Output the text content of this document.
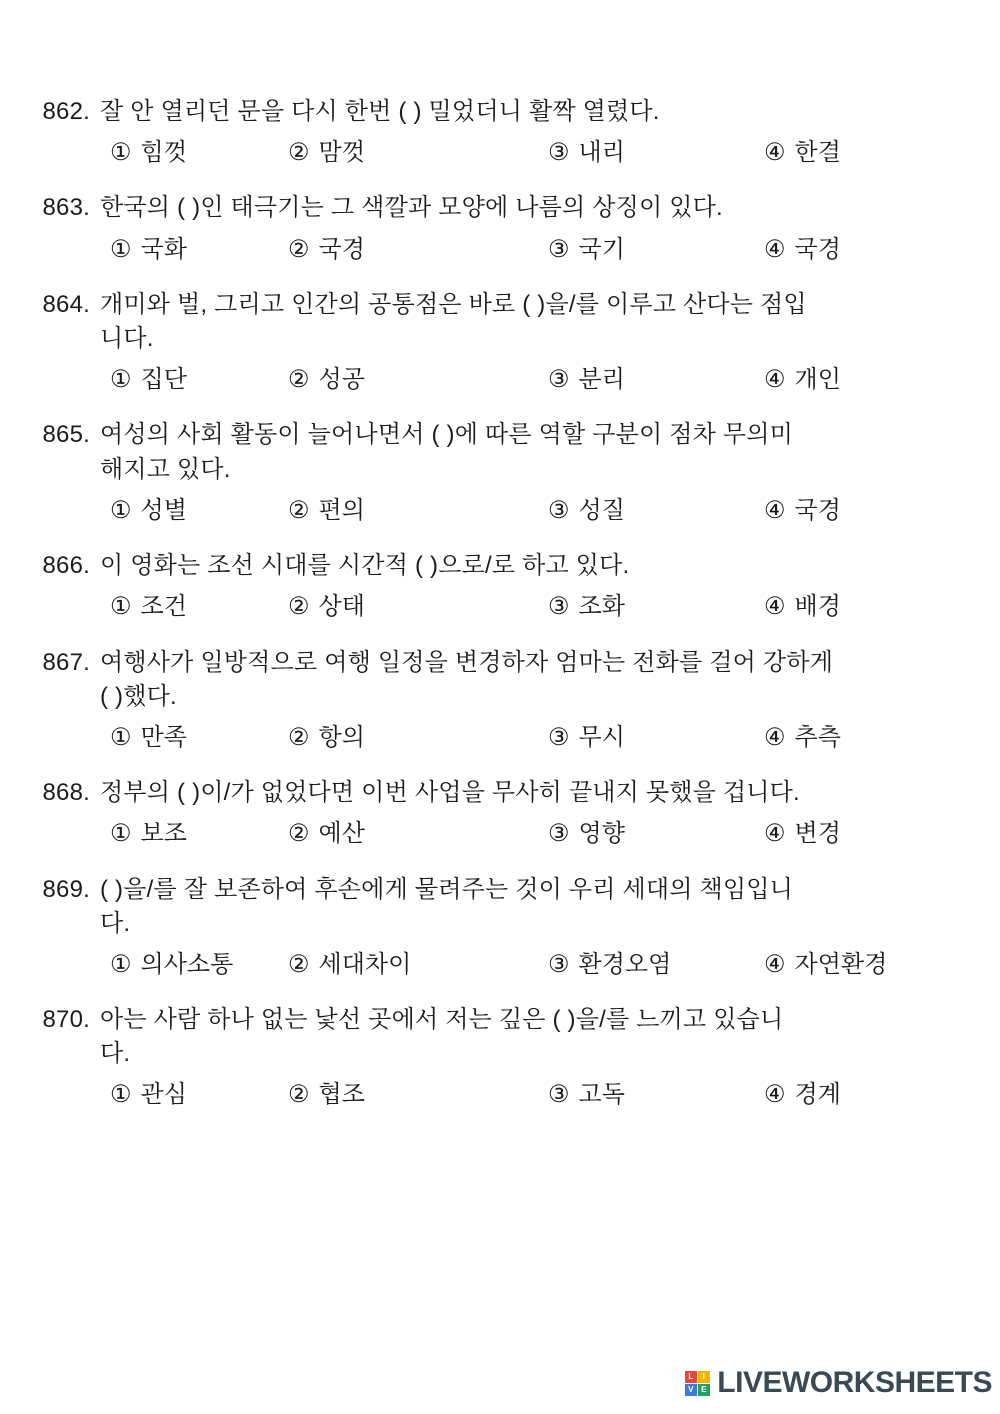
862. 잘 안 열리던 문을 다시 한번 ( ) 밀었더니 활짝 열렸다.
① 힘껏	② 맘껏	③ 내리	④ 한결
863. 한국의 ( )인 태극기는 그 색깔과 모양에 나름의 상징이 있다.
① 국화	② 국경	③ 국기	④ 국경
864. 개미와 벌, 그리고 인간의 공통점은 바로 ( )을/를 이루고 산다는 점입
니다.
① 집단	② 성공	③ 분리	④ 개인
865. 여성의 사회 활동이 늘어나면서 ( )에 따른 역할 구분이 점차 무의미
해지고 있다.
① 성별	② 편의	③ 성질	④ 국경
866. 이 영화는 조선 시대를 시간적 ( )으로/로 하고 있다.
① 조건	② 상태	③ 조화	④ 배경
867. 여행사가 일방적으로 여행 일정을 변경하자 엄마는 전화를 걸어 강하게
( )했다.
① 만족	② 항의	③ 무시	④ 추측
868. 정부의 ( )이/가 없었다면 이번 사업을 무사히 끝내지 못했을 겁니다.
① 보조	② 예산	③ 영향	④ 변경
869. ( )을/를 잘 보존하여 후손에게 물려주는 것이 우리 세대의 책임입니
다.
① 의사소통 ② 세대차이	③ 환경오염	④ 자연환경
870. 아는 사람 하나 없는 낯선 곳에서 저는 깊은 ( )을/를 느끼고 있습니
다.
① 관심	② 협조	③ 고독	④ 경계
L	I
V E LIVEWORKSHEETS
